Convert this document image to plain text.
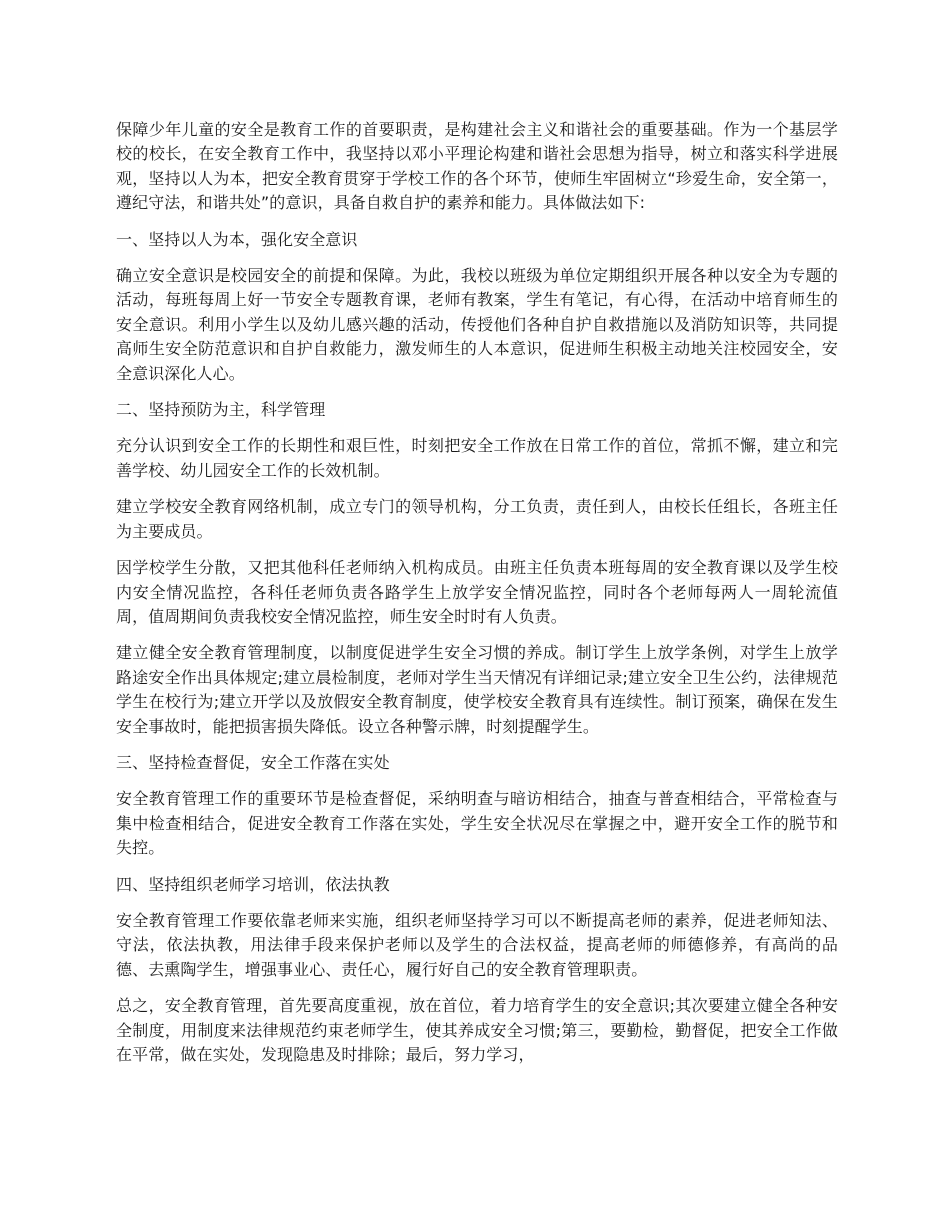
保障少年儿童的安全是教育工作的首要职责，是构建社会主义和谐社会的重要基础。作为一个基层学校的校长，在安全教育工作中，我坚持以邓小平理论构建和谐社会思想为指导，树立和落实科学进展观，坚持以人为本，把安全教育贯穿于学校工作的各个环节，使师生牢固树立“珍爱生命，安全第一，遵纪守法，和谐共处”的意识，具备自救自护的素养和能力。具体做法如下:

一、坚持以人为本，强化安全意识

确立安全意识是校园安全的前提和保障。为此，我校以班级为单位定期组织开展各种以安全为专题的活动，每班每周上好一节安全专题教育课，老师有教案，学生有笔记，有心得，在活动中培育师生的安全意识。利用小学生以及幼儿感兴趣的活动，传授他们各种自护自救措施以及消防知识等，共同提高师生安全防范意识和自护自救能力，激发师生的人本意识，促进师生积极主动地关注校园安全，安全意识深化人心。

二、坚持预防为主，科学管理

充分认识到安全工作的长期性和艰巨性，时刻把安全工作放在日常工作的首位，常抓不懈，建立和完善学校、幼儿园安全工作的长效机制。

建立学校安全教育网络机制，成立专门的领导机构，分工负责，责任到人，由校长任组长，各班主任为主要成员。

因学校学生分散，又把其他科任老师纳入机构成员。由班主任负责本班每周的安全教育课以及学生校内安全情况监控，各科任老师负责各路学生上放学安全情况监控，同时各个老师每两人一周轮流值周，值周期间负责我校安全情况监控，师生安全时时有人负责。

建立健全安全教育管理制度，以制度促进学生安全习惯的养成。制订学生上放学条例，对学生上放学路途安全作出具体规定;建立晨检制度，老师对学生当天情况有详细记录;建立安全卫生公约，法律规范学生在校行为;建立开学以及放假安全教育制度，使学校安全教育具有连续性。制订预案，确保在发生安全事故时，能把损害损失降低。设立各种警示牌，时刻提醒学生。

三、坚持检查督促，安全工作落在实处

安全教育管理工作的重要环节是检查督促，采纳明查与暗访相结合，抽查与普查相结合，平常检查与集中检查相结合，促进安全教育工作落在实处，学生安全状况尽在掌握之中，避开安全工作的脱节和失控。

四、坚持组织老师学习培训，依法执教

安全教育管理工作要依靠老师来实施，组织老师坚持学习可以不断提高老师的素养，促进老师知法、守法，依法执教，用法律手段来保护老师以及学生的合法权益，提高老师的师德修养，有高尚的品德、去熏陶学生，增强事业心、责任心，履行好自己的安全教育管理职责。

总之，安全教育管理，首先要高度重视，放在首位，着力培育学生的安全意识;其次要建立健全各种安全制度，用制度来法律规范约束老师学生，使其养成安全习惯;第三，要勤检，勤督促，把安全工作做在平常，做在实处，发现隐患及时排除；最后，努力学习，
